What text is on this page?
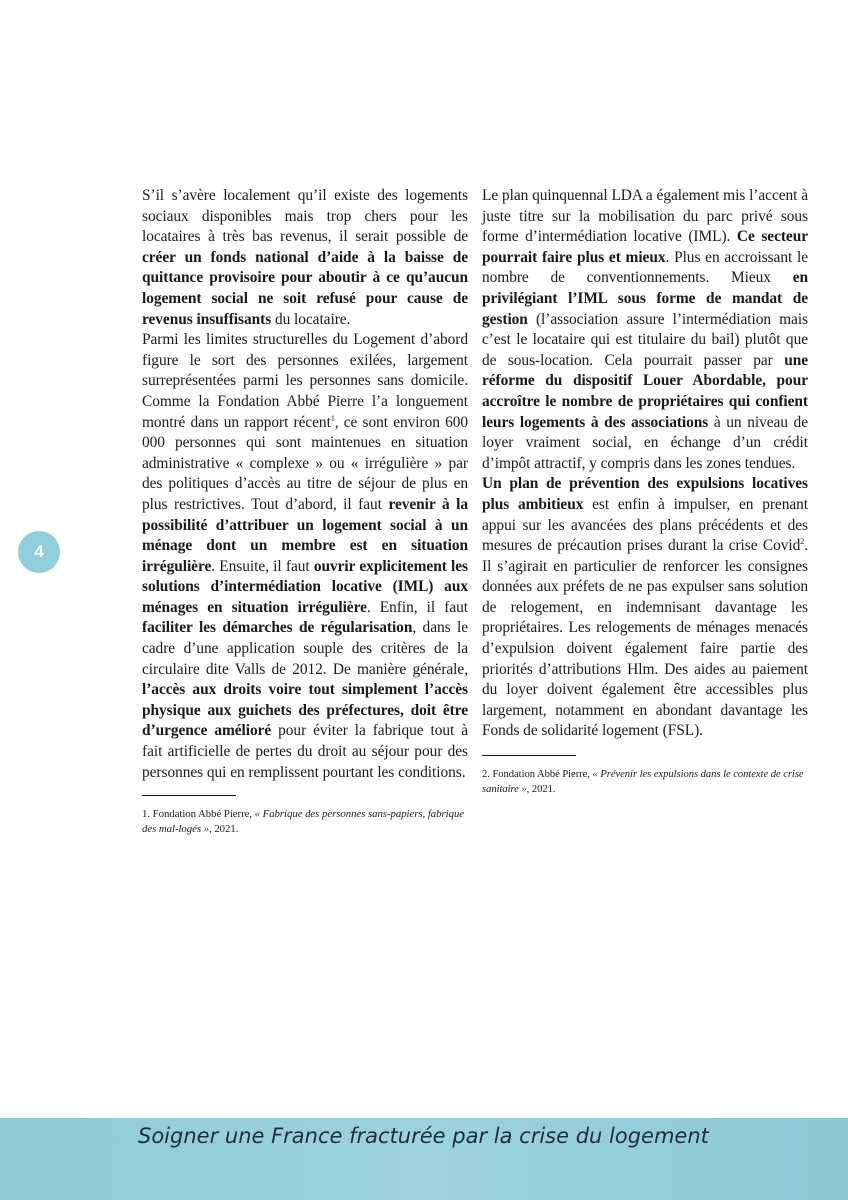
S’il s’avère localement qu’il existe des logements sociaux disponibles mais trop chers pour les locataires à très bas revenus, il serait possible de créer un fonds national d’aide à la baisse de quittance provisoire pour aboutir à ce qu’aucun logement social ne soit refusé pour cause de revenus insuffisants du locataire.

Parmi les limites structurelles du Logement d’abord figure le sort des personnes exilées, largement surreprésentées parmi les personnes sans domicile. Comme la Fondation Abbé Pierre l’a longuement montré dans un rapport récent$^1$, ce sont environ 600 000 personnes qui sont maintenues en situation administrative « complexe » ou « irrégulière » par des politiques d’accès au titre de séjour de plus en plus restrictives. Tout d’abord, il faut revenir à la possibilité d’attribuer un logement social à un ménage dont un membre est en situation irrégulière. Ensuite, il faut ouvrir explicitement les solutions d’intermédiation locative (IML) aux ménages en situation irrégulière. Enfin, il faut faciliter les démarches de régularisation, dans le cadre d’une application souple des critères de la circulaire dite Valls de 2012. De manière générale, l’accès aux droits voire tout simplement l’accès physique aux guichets des préfectures, doit être d’urgence amélioré pour éviter la fabrique tout à fait artificielle de pertes du droit au séjour pour des personnes qui en remplissent pourtant les conditions.

1. Fondation Abbé Pierre, « Fabrique des personnes sans-papiers, fabrique des mal-logés », 2021.

Le plan quinquennal LDA a également mis l’accent à juste titre sur la mobilisation du parc privé sous forme d’intermédiation locative (IML). Ce secteur pourrait faire plus et mieux. Plus en accroissant le nombre de conventionnements. Mieux en privilégiant l’IML sous forme de mandat de gestion (l’association assure l’intermédiation mais c’est le locataire qui est titulaire du bail) plutôt que de sous-location. Cela pourrait passer par une réforme du dispositif Louer Abordable, pour accroître le nombre de propriétaires qui confient leurs logements à des associations à un niveau de loyer vraiment social, en échange d’un crédit d’impôt attractif, y compris dans les zones tendues.

Un plan de prévention des expulsions locatives plus ambitieux est enfin à impulser, en prenant appui sur les avancées des plans précédents et des mesures de précaution prises durant la crise Covid$^2$. Il s’agirait en particulier de renforcer les consignes données aux préfets de ne pas expulser sans solution de relogement, en indemnisant davantage les propriétaires. Les relogements de ménages menacés d’expulsion doivent également faire partie des priorités d’attributions Hlm. Des aides au paiement du loyer doivent également être accessibles plus largement, notamment en abondant davantage les Fonds de solidarité logement (FSL).

2. Fondation Abbé Pierre, « Prévenir les expulsions dans le contexte de crise sanitaire », 2021.

4
Soigner une France fracturée par la crise du logement
